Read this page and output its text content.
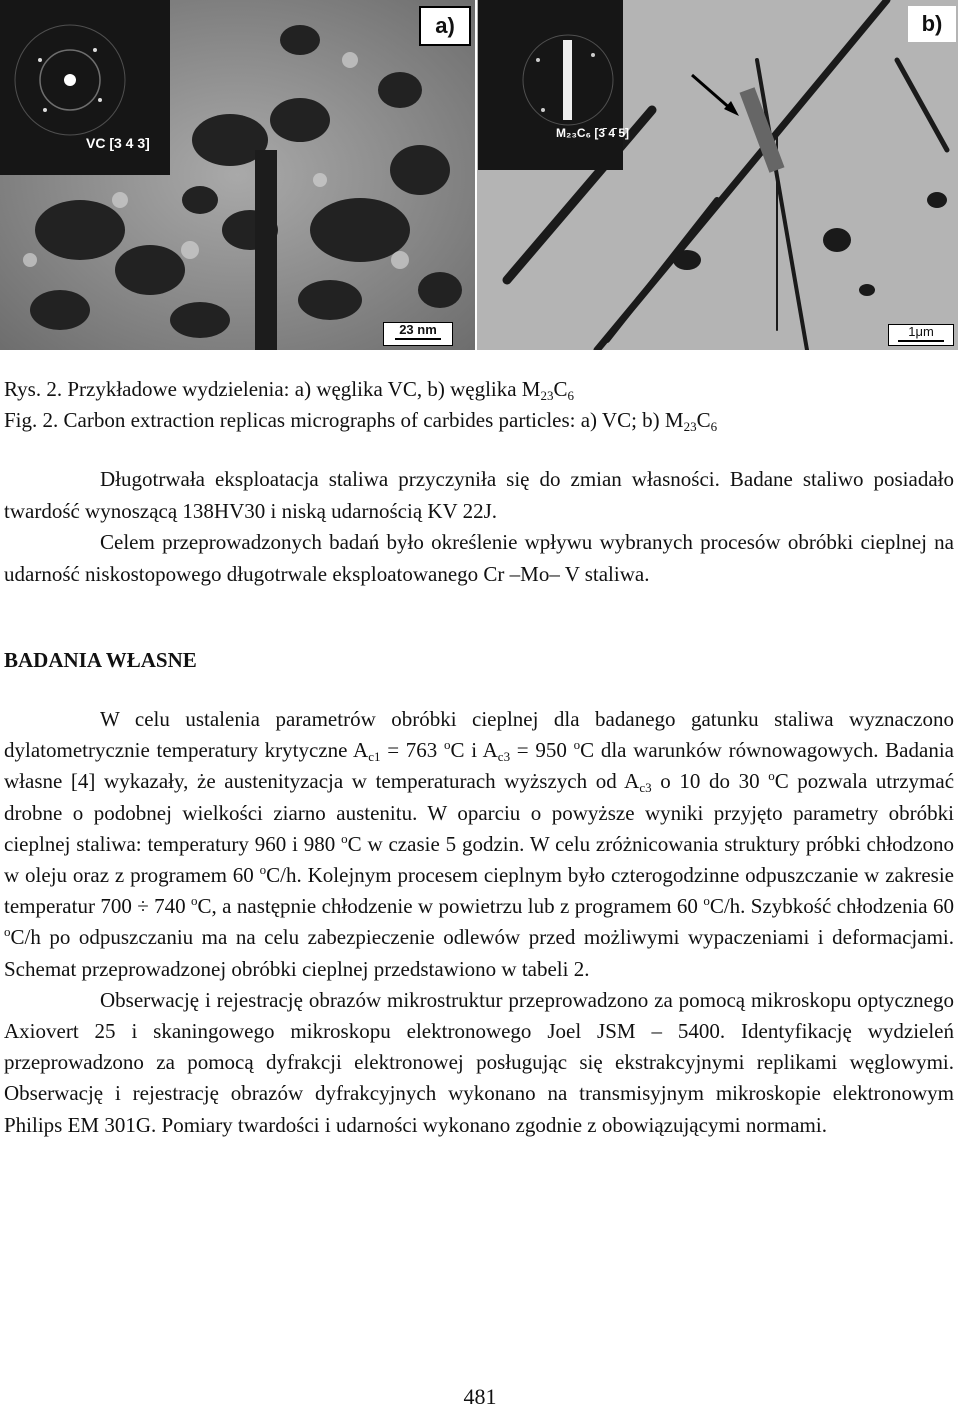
VC [3 4 3]
a)
23 nm
M₂₃C₆ [3̄ 4̄ 5]
b)
1μm
Rys. 2. Przykładowe wydzielenia: a) węglika VC, b) węglika $M_{23}C_6$
Fig. 2. Carbon extraction replicas micrographs of carbides particles: a) VC; b) $M_{23}C_6$

Długotrwała eksploatacja staliwa przyczyniła się do zmian własności. Badane staliwo posiadało twardość wynoszącą 138HV30 i niską udarnością KV 22J.

Celem przeprowadzonych badań było określenie wpływu wybranych procesów obróbki cieplnej na udarność niskostopowego długotrwale eksploatowanego Cr –Mo– V staliwa.

BADANIA WŁASNE

W celu ustalenia parametrów obróbki cieplnej dla badanego gatunku staliwa wyznaczono dylatometrycznie temperatury krytyczne $A_{c1} = 763$ $^o$C i $A_{c3} = 950$ $^o$C dla warunków równowagowych. Badania własne [4] wykazały, że austenityzacja w temperaturach wyższych od $A_{c3}$ o 10 do 30 $^o$C pozwala utrzymać drobne o podobnej wielkości ziarno austenitu. W oparciu o powyższe wyniki przyjęto parametry obróbki cieplnej staliwa: temperatury 960 i 980 $^o$C w czasie 5 godzin. W celu zróżnicowania struktury próbki chłodzono w oleju oraz z programem 60 $^o$C/h. Kolejnym procesem cieplnym było czterogodzinne odpuszczanie w zakresie temperatur 700 ÷ 740 $^o$C, a następnie chłodzenie w powietrzu lub z programem 60 $^o$C/h. Szybkość chłodzenia 60 $^o$C/h po odpuszczaniu ma na celu zabezpieczenie odlewów przed możliwymi wypaczeniami i deformacjami. Schemat przeprowadzonej obróbki cieplnej przedstawiono w tabeli 2.

Obserwację i rejestrację obrazów mikrostruktur przeprowadzono za pomocą mikroskopu optycznego Axiovert 25 i skaningowego mikroskopu elektronowego Joel JSM – 5400. Identyfikację wydzieleń przeprowadzono za pomocą dyfrakcji elektronowej posługując się ekstrakcyjnymi replikami węglowymi. Obserwację i rejestrację obrazów dyfrakcyjnych wykonano na transmisyjnym mikroskopie elektronowym Philips EM 301G. Pomiary twardości i udarności wykonano zgodnie z obowiązującymi normami.

481
